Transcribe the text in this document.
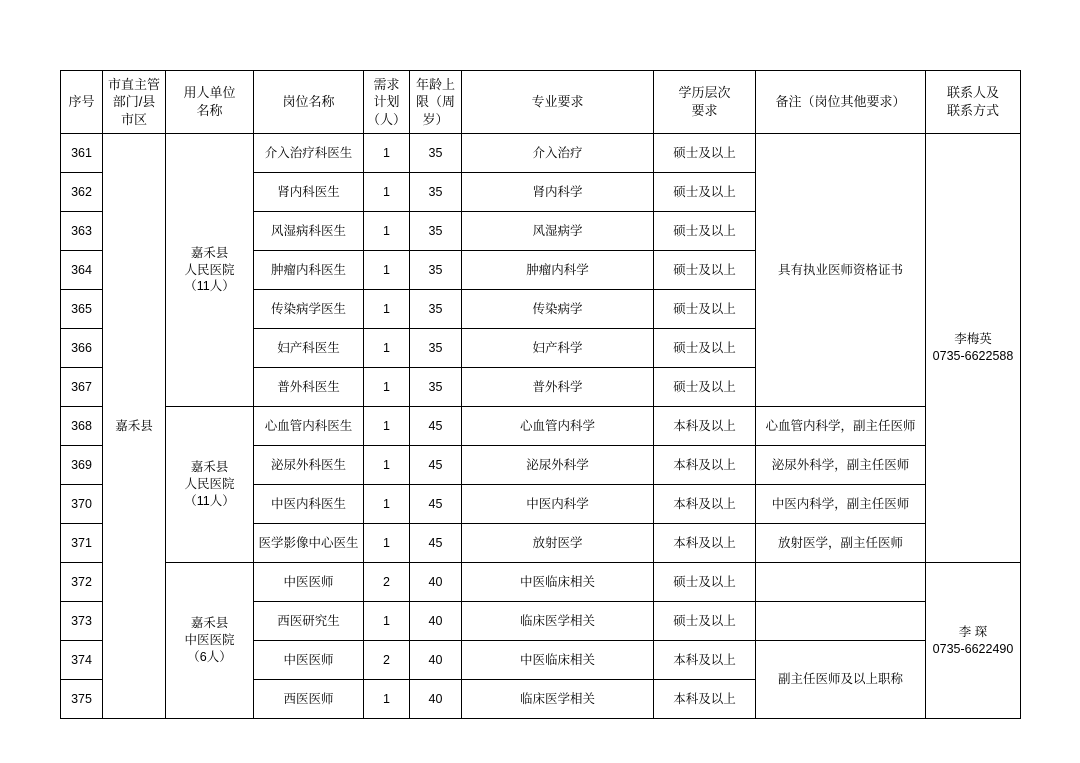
序号	市直主管
部门/县
市区	用人单位
名称	岗位名称	需求
计划
（人）	年龄上
限（周
岁）	专业要求	学历层次
要求	备注（岗位其他要求）	联系人及
联系方式

361	嘉禾县	嘉禾县
人民医院
（11人）	介入治疗科医生	1	35	介入治疗	硕士及以上	具有执业医师资格证书	李梅英
0735-6622588

362			肾内科医生	1	35	肾内科学	硕士及以上		
363			风湿病科医生	1	35	风湿病学	硕士及以上		
364			肿瘤内科医生	1	35	肿瘤内科学	硕士及以上		
365			传染病学医生	1	35	传染病学	硕士及以上		
366			妇产科医生	1	35	妇产科学	硕士及以上		
367			普外科医生	1	35	普外科学	硕士及以上		
368		嘉禾县
人民医院
（11人）	心血管内科医生	1	45	心血管内科学	本科及以上	心血管内科学，副主任医师	
369			泌尿外科医生	1	45	泌尿外科学	本科及以上	泌尿外科学，副主任医师	
370			中医内科医生	1	45	中医内科学	本科及以上	中医内科学，副主任医师	
371			医学影像中心医生	1	45	放射医学	本科及以上	放射医学，副主任医师	
372		嘉禾县
中医医院
（6人）	中医医师	2	40	中医临床相关	硕士及以上		李 琛
0735-6622490

373			西医研究生	1	40	临床医学相关	硕士及以上		
374			中医医师	2	40	中医临床相关	本科及以上	副主任医师及以上职称	
375			西医医师	1	40	临床医学相关	本科及以上		
